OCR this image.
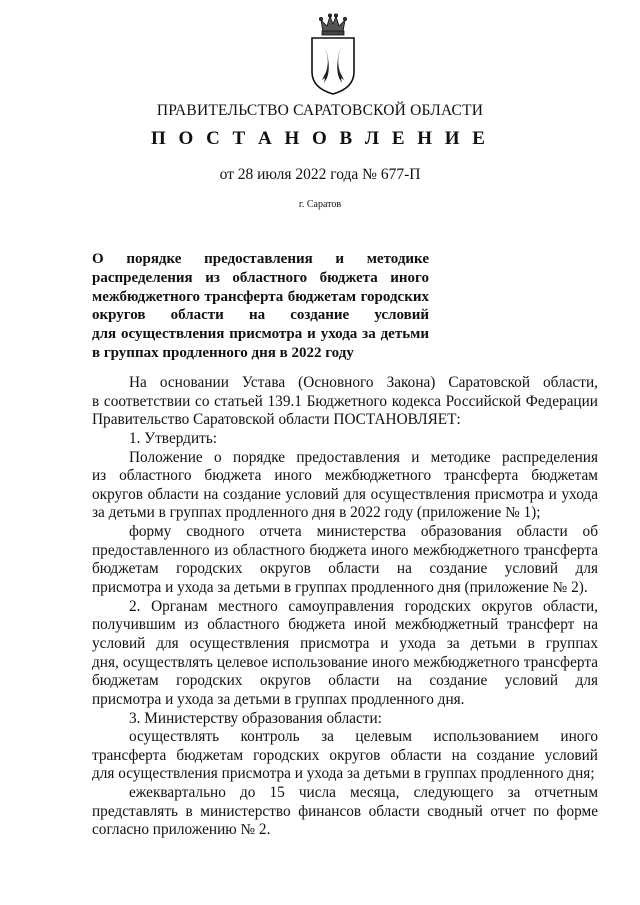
ПРАВИТЕЛЬСТВО САРАТОВСКОЙ ОБЛАСТИ
П О С Т А Н О В Л Е Н И Е
от 28 июля 2022 года № 677-П
г. Саратов
О порядке предоставления и методике
распределения из областного бюджета иного
межбюджетного трансферта бюджетам городских
округов области на создание условий
для осуществления присмотра и ухода за детьми
в группах продленного дня в 2022 году
На основании Устава (Основного Закона) Саратовской области,
в соответствии со статьей 139.1 Бюджетного кодекса Российской Федерации
Правительство Саратовской области ПОСТАНОВЛЯЕТ:
1. Утвердить:
Положение о порядке предоставления и методике распределения
из областного бюджета иного межбюджетного трансферта бюджетам
округов области на создание условий для осуществления присмотра и ухода
за детьми в группах продленного дня в 2022 году (приложение № 1);
форму сводного отчета министерства образования области об
предоставленного из областного бюджета иного межбюджетного трансферта
бюджетам городских округов области на создание условий для
присмотра и ухода за детьми в группах продленного дня (приложение № 2).
2. Органам местного самоуправления городских округов области,
получившим из областного бюджета иной межбюджетный трансферт на
условий для осуществления присмотра и ухода за детьми в группах
дня, осуществлять целевое использование иного межбюджетного трансферта
бюджетам городских округов области на создание условий для
присмотра и ухода за детьми в группах продленного дня.
3. Министерству образования области:
осуществлять контроль за целевым использованием иного
трансферта бюджетам городских округов области на создание условий
для осуществления присмотра и ухода за детьми в группах продленного дня;
ежеквартально до 15 числа месяца, следующего за отчетным
представлять в министерство финансов области сводный отчет по форме
согласно приложению № 2.
